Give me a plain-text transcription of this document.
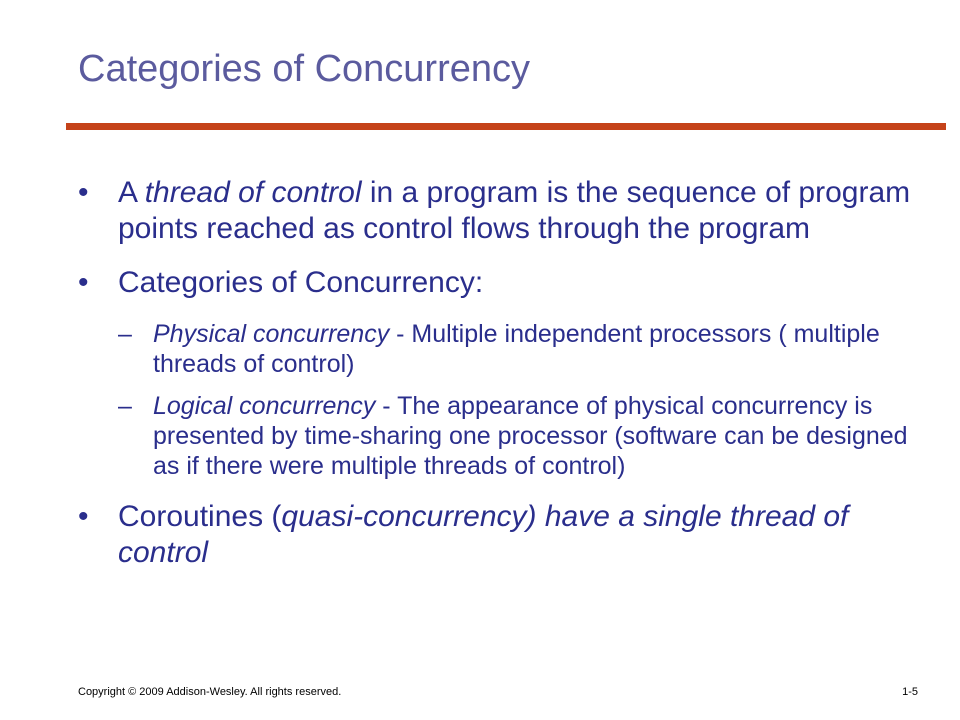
Categories of Concurrency
• A thread of control in a program is the sequence of program points reached as control flows through the program
• Categories of Concurrency:
– Physical concurrency - Multiple independent processors ( multiple threads of control)
– Logical concurrency - The appearance of physical concurrency is presented by time-sharing one processor (software can be designed as if there were multiple threads of control)
• Coroutines (quasi-concurrency) have a single thread of control
Copyright © 2009 Addison-Wesley. All rights reserved.	1-5
